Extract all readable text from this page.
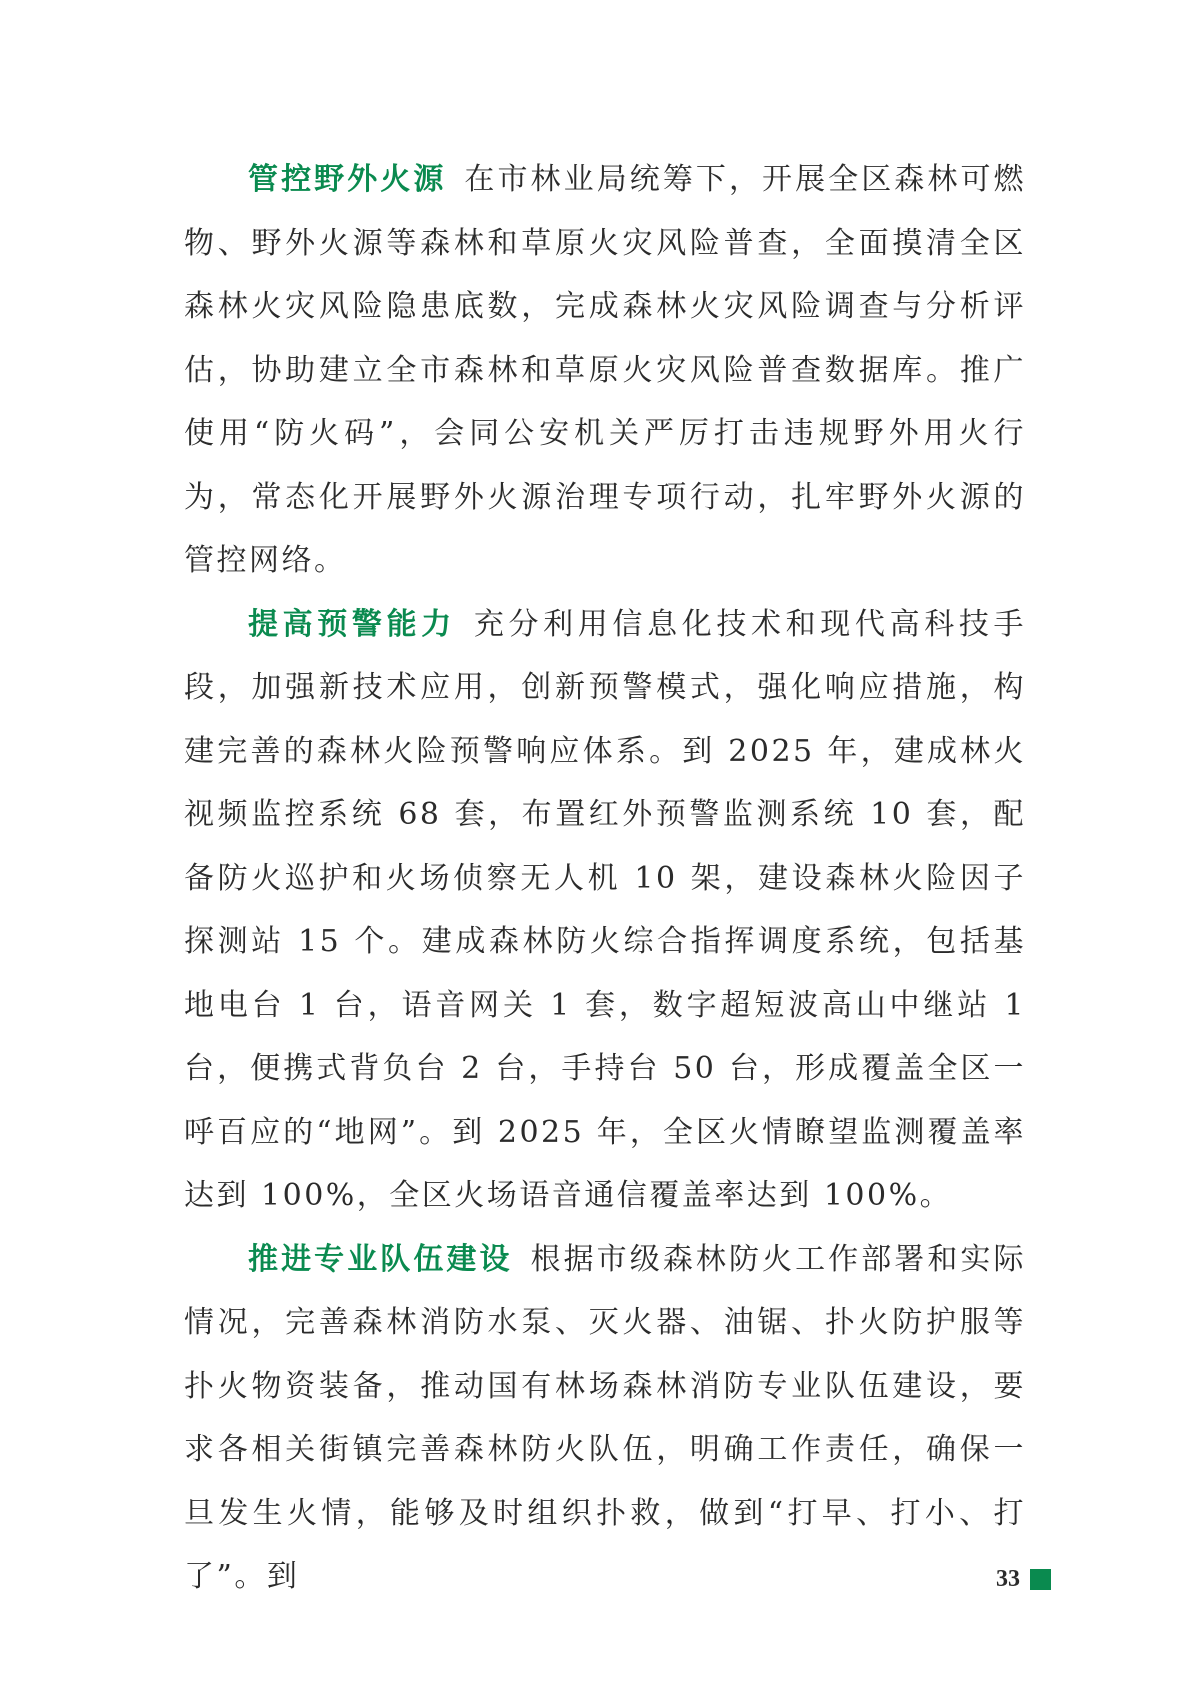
管控野外火源 在市林业局统筹下，开展全区森林可燃物、野外火源等森林和草原火灾风险普查，全面摸清全区森林火灾风险隐患底数，完成森林火灾风险调查与分析评估，协助建立全市森林和草原火灾风险普查数据库。推广使用“防火码”，会同公安机关严厉打击违规野外用火行为，常态化开展野外火源治理专项行动，扎牢野外火源的管控网络。

提高预警能力 充分利用信息化技术和现代高科技手段，加强新技术应用，创新预警模式，强化响应措施，构建完善的森林火险预警响应体系。到 2025 年，建成林火视频监控系统 68 套，布置红外预警监测系统 10 套，配备防火巡护和火场侦察无人机 10 架，建设森林火险因子探测站 15 个。建成森林防火综合指挥调度系统，包括基地电台 1 台，语音网关 1 套，数字超短波高山中继站 1 台，便携式背负台 2 台，手持台 50 台，形成覆盖全区一呼百应的“地网”。到 2025 年，全区火情瞭望监测覆盖率达到 100%，全区火场语音通信覆盖率达到 100%。

推进专业队伍建设 根据市级森林防火工作部署和实际情况，完善森林消防水泵、灭火器、油锯、扑火防护服等扑火物资装备，推动国有林场森林消防专业队伍建设，要求各相关街镇完善森林防火队伍，明确工作责任，确保一旦发生火情，能够及时组织扑救，做到“打早、打小、打了”。到	33
